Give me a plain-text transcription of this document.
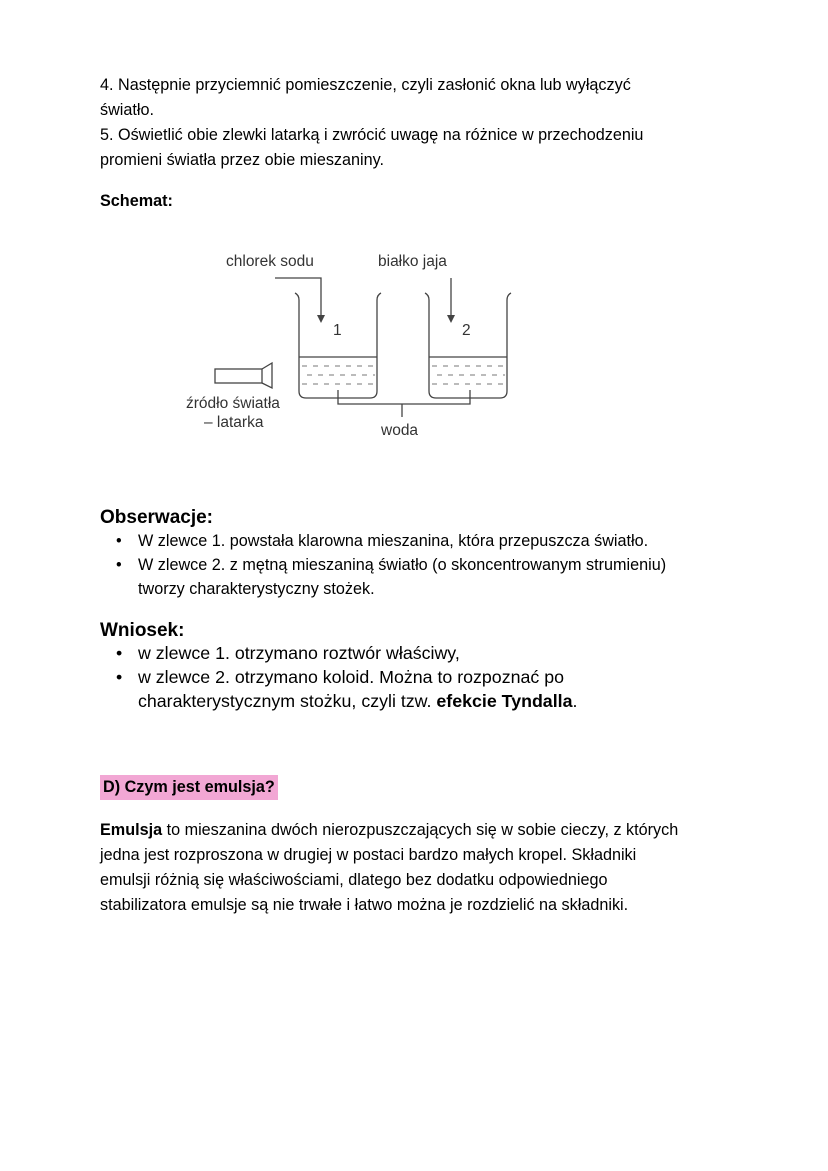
4. Następnie przyciemnić pomieszczenie, czyli zasłonić okna lub wyłączyć
światło.
5. Oświetlić obie zlewki latarką i zwrócić uwagę na różnice w przechodzeniu
promieni światła przez obie mieszaniny.
Schemat:
chlorek sodu	białko jaja
1	2
źródło światła
– latarka	woda
Obserwacje:
• W zlewce 1. powstała klarowna mieszanina, która przepuszcza światło.
• W zlewce 2. z mętną mieszaniną światło (o skoncentrowanym strumieniu)
tworzy charakterystyczny stożek.
Wniosek:
• w zlewce 1. otrzymano roztwór właściwy,
• w zlewce 2. otrzymano koloid. Można to rozpoznać po
charakterystycznym stożku, czyli tzw. efekcie Tyndalla.
D) Czym jest emulsja?
Emulsja to mieszanina dwóch nierozpuszczających się w sobie cieczy, z których
jedna jest rozproszona w drugiej w postaci bardzo małych kropel. Składniki
emulsji różnią się właściwościami, dlatego bez dodatku odpowiedniego
stabilizatora emulsje są nie trwałe i łatwo można je rozdzielić na składniki.
